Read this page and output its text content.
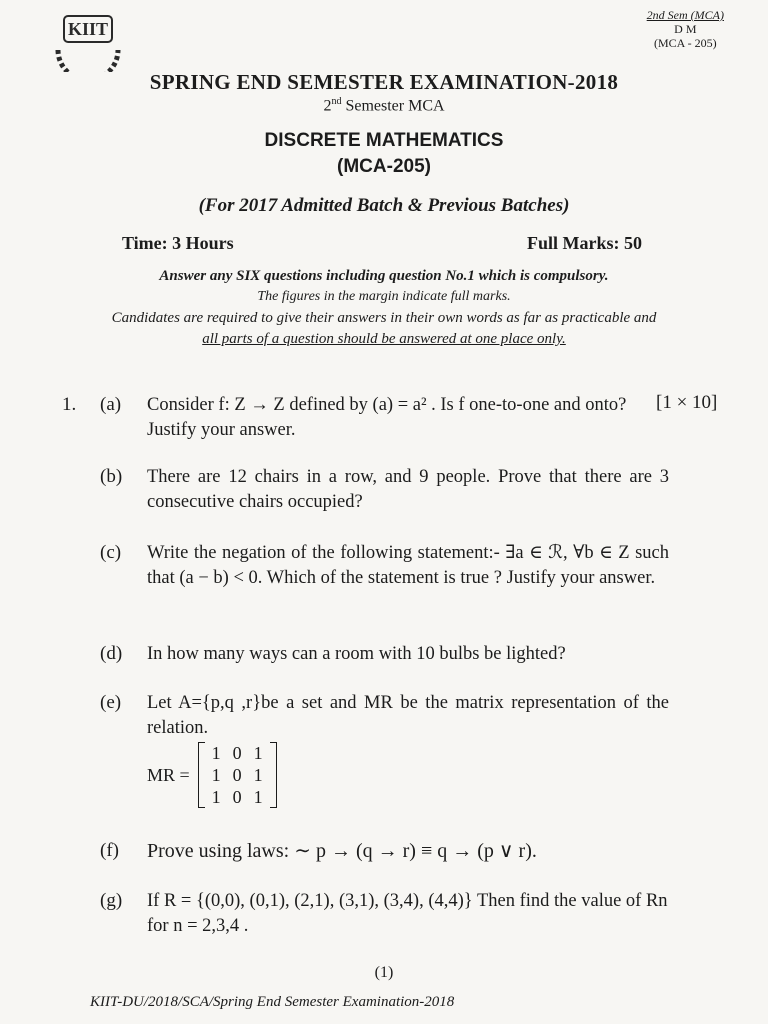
KIIT
2nd Sem (MCA)
D M
(MCA - 205)
SPRING END SEMESTER EXAMINATION-2018
2nd Semester MCA
DISCRETE MATHEMATICS
(MCA-205)
(For 2017 Admitted Batch & Previous Batches)
Time: 3 Hours	Full Marks: 50
Answer any SIX questions including question No.1 which is compulsory.
The figures in the margin indicate full marks.
Candidates are required to give their answers in their own words as far as practicable and
all parts of a question should be answered at one place only.
1.	[1 × 10]
(a) Consider f: Z → Z defined by (a) = a² . Is f one-to-one and onto? Justify your answer.
(b) There are 12 chairs in a row, and 9 people. Prove that there are 3 consecutive chairs occupied?
(c) Write the negation of the following statement:- ∃a ∈ ℛ, ∀b ∈ Z such that (a − b) < 0. Which of the statement is true ? Justify your answer.
(d) In how many ways can a room with 10 bulbs be lighted?
(e) Let A={p,q ,r}be a set and MR be the matrix representation of the relation.
MR =
1	0	1
1	0	1
1	0	1
(f) Prove using laws: ∼ p → (q → r) ≡ q → (p ∨ r).
(g) If R = {(0,0), (0,1), (2,1), (3,1), (3,4), (4,4)} Then find the value of Rn for n = 2,3,4 .
(1)
KIIT-DU/2018/SCA/Spring End Semester Examination-2018
